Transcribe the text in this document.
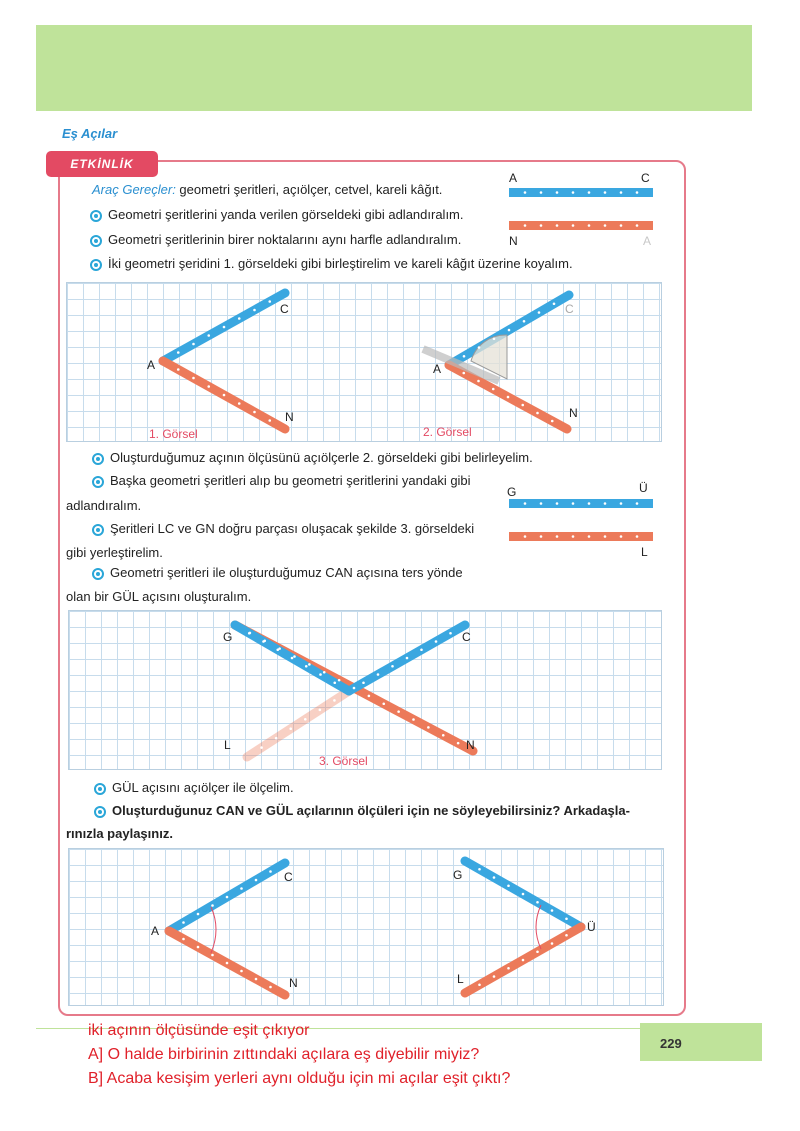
Eş Açılar
ETKİNLİK
Araç Gereçler: geometri şeritleri, açıölçer, cetvel, kareli kâğıt.
Geometri şeritlerini yanda verilen görseldeki gibi adlandıralım.
Geometri şeritlerinin birer noktalarını aynı harfle adlandıralım.
İki geometri şeridini 1. görseldeki gibi birleştirelim ve kareli kâğıt üzerine koyalım.
A	C
N	A
A
C
N
1. Görsel
A
C
N
2. Görsel
Oluşturduğumuz açının ölçüsünü açıölçerle 2. görseldeki gibi belirleyelim.
Başka geometri şeritleri alıp bu geometri şeritlerini yandaki gibi
adlandıralım.
Şeritleri LC ve GN doğru parçası oluşacak şekilde 3. görseldeki
gibi yerleştirelim.
Geometri şeritleri ile oluşturduğumuz CAN açısına ters yönde
olan bir GÜL açısını oluşturalım.
G	Ü
L
G	C
L	N
3. Görsel
GÜL açısını açıölçer ile ölçelim.
Oluşturduğunuz CAN ve GÜL açılarının ölçüleri için ne söyleyebilirsiniz? Arkadaşla-
rınızla paylaşınız.
A
C
N
G
Ü
L
229
iki açının ölçüsünde eşit çıkıyor
A] O halde birbirinin zıttındaki açılara eş diyebilir miyiz?
B] Acaba kesişim yerleri aynı olduğu için mi açılar eşit çıktı?
